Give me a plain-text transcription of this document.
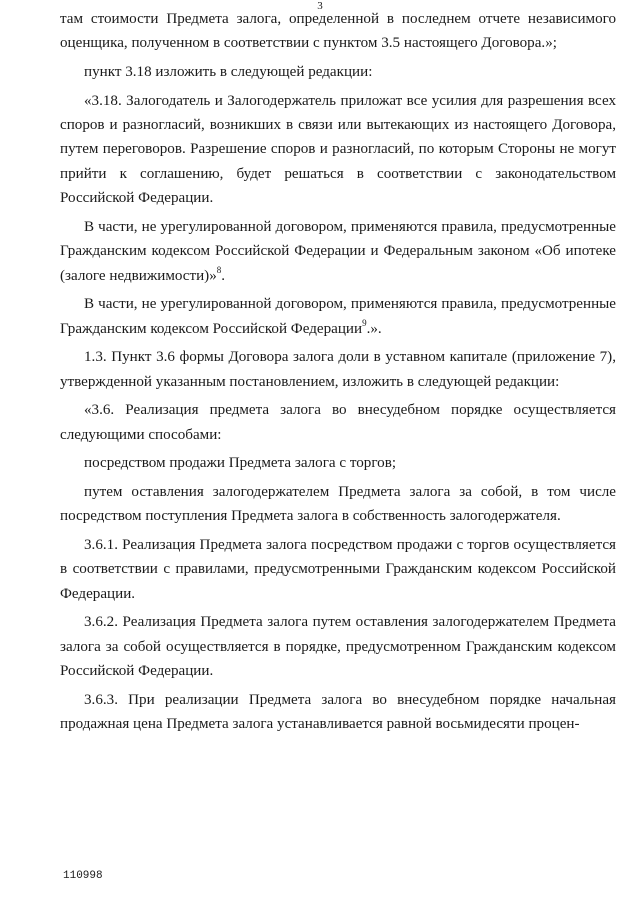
3

там стоимости Предмета залога, определенной в последнем отчете независимого оценщика, полученном в соответствии с пунктом 3.5 настоящего Договора.»;

пункт 3.18 изложить в следующей редакции:

«3.18. Залогодатель и Залогодержатель приложат все усилия для разрешения всех споров и разногласий, возникших в связи или вытекающих из настоящего Договора, путем переговоров. Разрешение споров и разногласий, по которым Стороны не могут прийти к соглашению, будет решаться в соответствии с законодательством Российской Федерации.

В части, не урегулированной договором, применяются правила, предусмотренные Гражданским кодексом Российской Федерации и Федеральным законом «Об ипотеке (залоге недвижимости)»$^8$.

В части, не урегулированной договором, применяются правила, предусмотренные Гражданским кодексом Российской Федерации$^9$.».

1.3. Пункт 3.6 формы Договора залога доли в уставном капитале (приложение 7), утвержденной указанным постановлением, изложить в следующей редакции:

«3.6. Реализация предмета залога во внесудебном порядке осуществляется следующими способами:

посредством продажи Предмета залога с торгов;

путем оставления залогодержателем Предмета залога за собой, в том числе посредством поступления Предмета залога в собственность залогодержателя.

3.6.1. Реализация Предмета залога посредством продажи с торгов осуществляется в соответствии с правилами, предусмотренными Гражданским кодексом Российской Федерации.

3.6.2. Реализация Предмета залога путем оставления залогодержателем Предмета залога за собой осуществляется в порядке, предусмотренном Гражданским кодексом Российской Федерации.

3.6.3. При реализации Предмета залога во внесудебном порядке начальная продажная цена Предмета залога устанавливается равной восьмидесяти процен-

110998
